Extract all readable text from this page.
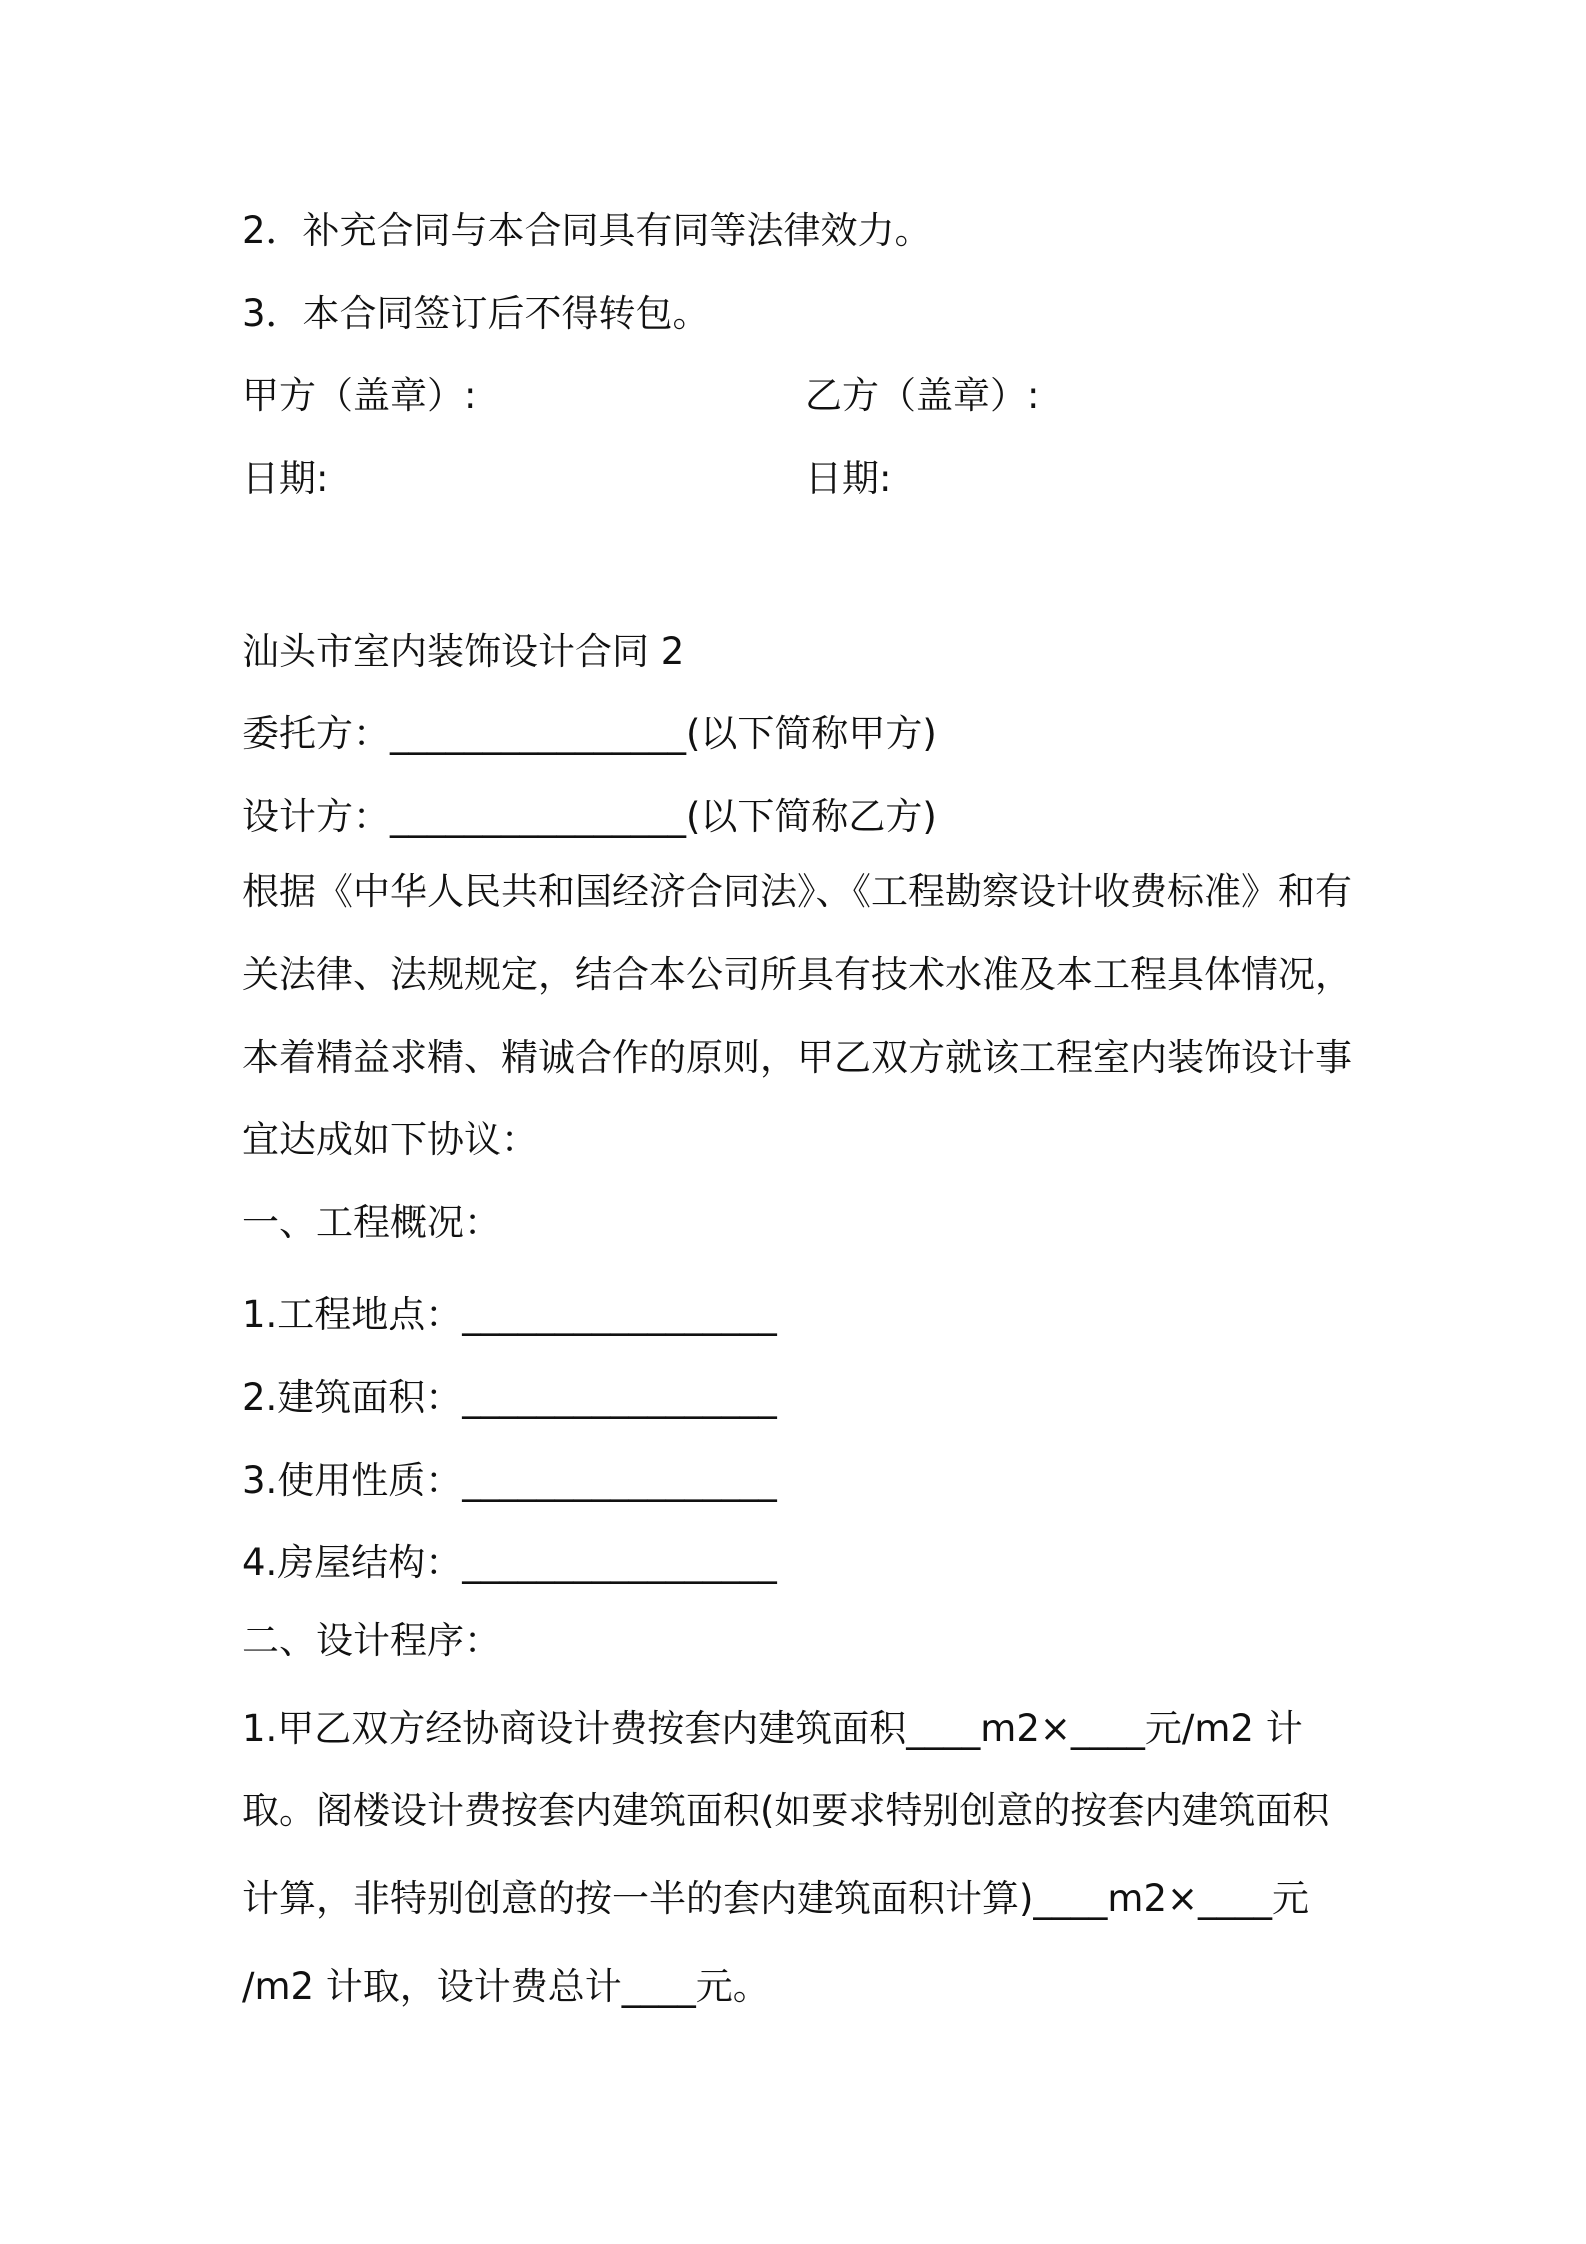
2．补充合同与本合同具有同等法律效力。
3．本合同签订后不得转包。
甲方（盖章）:	乙方（盖章）:
日期:	日期:
汕头市室内装饰设计合同 2
委托方：________________(以下简称甲方)
设计方：________________(以下简称乙方)
根据《中华人民共和国经济合同法》、《工程勘察设计收费标准》和有
关法律、法规规定，结合本公司所具有技术水准及本工程具体情况，
本着精益求精、精诚合作的原则，甲乙双方就该工程室内装饰设计事
宜达成如下协议：
一、工程概况：
1.工程地点：_________________
2.建筑面积：_________________
3.使用性质：_________________
4.房屋结构：_________________
二、设计程序：
1.甲乙双方经协商设计费按套内建筑面积____m2×____元/m2 计
取。阁楼设计费按套内建筑面积(如要求特别创意的按套内建筑面积
计算，非特别创意的按一半的套内建筑面积计算)____m2×____元
/m2 计取，设计费总计____元。
